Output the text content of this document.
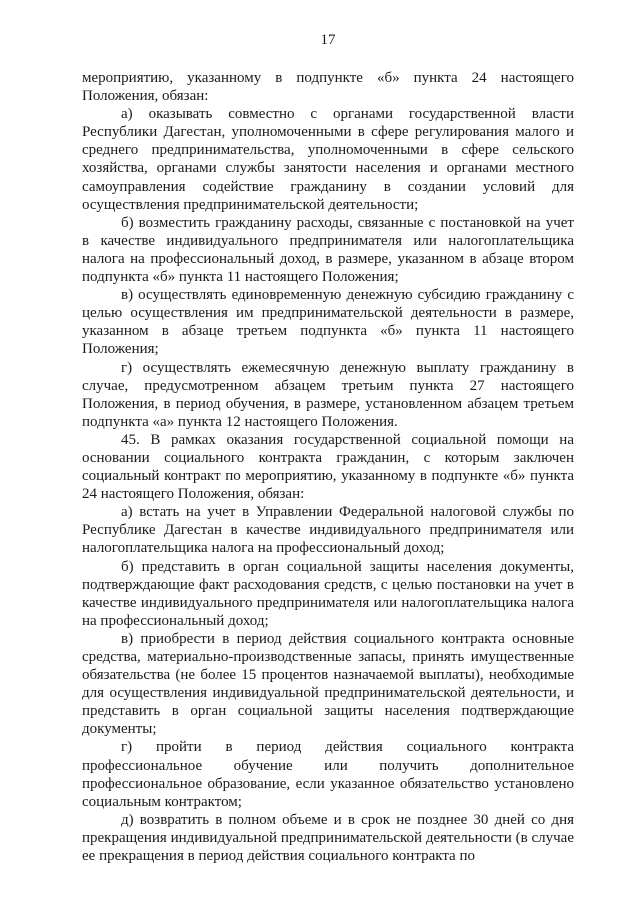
17

мероприятию, указанному в подпункте «б» пункта 24 настоящего Положения, обязан:

а) оказывать совместно с органами государственной власти Республики Дагестан, уполномоченными в сфере регулирования малого и среднего предпринимательства, уполномоченными в сфере сельского хозяйства, органами службы занятости населения и органами местного самоуправления содействие гражданину в создании условий для осуществления предпринимательской деятельности;

б) возместить гражданину расходы, связанные с постановкой на учет в качестве индивидуального предпринимателя или налогоплательщика налога на профессиональный доход, в размере, указанном в абзаце втором подпункта «б» пункта 11 настоящего Положения;

в) осуществлять единовременную денежную субсидию гражданину с целью осуществления им предпринимательской деятельности в размере, указанном в абзаце третьем подпункта «б» пункта 11 настоящего Положения;

г) осуществлять ежемесячную денежную выплату гражданину в случае, предусмотренном абзацем третьим пункта 27 настоящего Положения, в период обучения, в размере, установленном абзацем третьем подпункта «а» пункта 12 настоящего Положения.

45. В рамках оказания государственной социальной помощи на основании социального контракта гражданин, с которым заключен социальный контракт по мероприятию, указанному в подпункте «б» пункта 24 настоящего Положения, обязан:

а) встать на учет в Управлении Федеральной налоговой службы по Республике Дагестан в качестве индивидуального предпринимателя или налогоплательщика налога на профессиональный доход;

б) представить в орган социальной защиты населения документы, подтверждающие факт расходования средств, с целью постановки на учет в качестве индивидуального предпринимателя или налогоплательщика налога на профессиональный доход;

в) приобрести в период действия социального контракта основные средства, материально-производственные запасы, принять имущественные обязательства (не более 15 процентов назначаемой выплаты), необходимые для осуществления индивидуальной предпринимательской деятельности, и представить в орган социальной защиты населения подтверждающие документы;

г) пройти в период действия социального контракта профессиональное обучение или получить дополнительное профессиональное образование, если указанное обязательство установлено социальным контрактом;

д) возвратить в полном объеме и в срок не позднее 30 дней со дня прекращения индивидуальной предпринимательской деятельности (в случае ее прекращения в период действия социального контракта по
